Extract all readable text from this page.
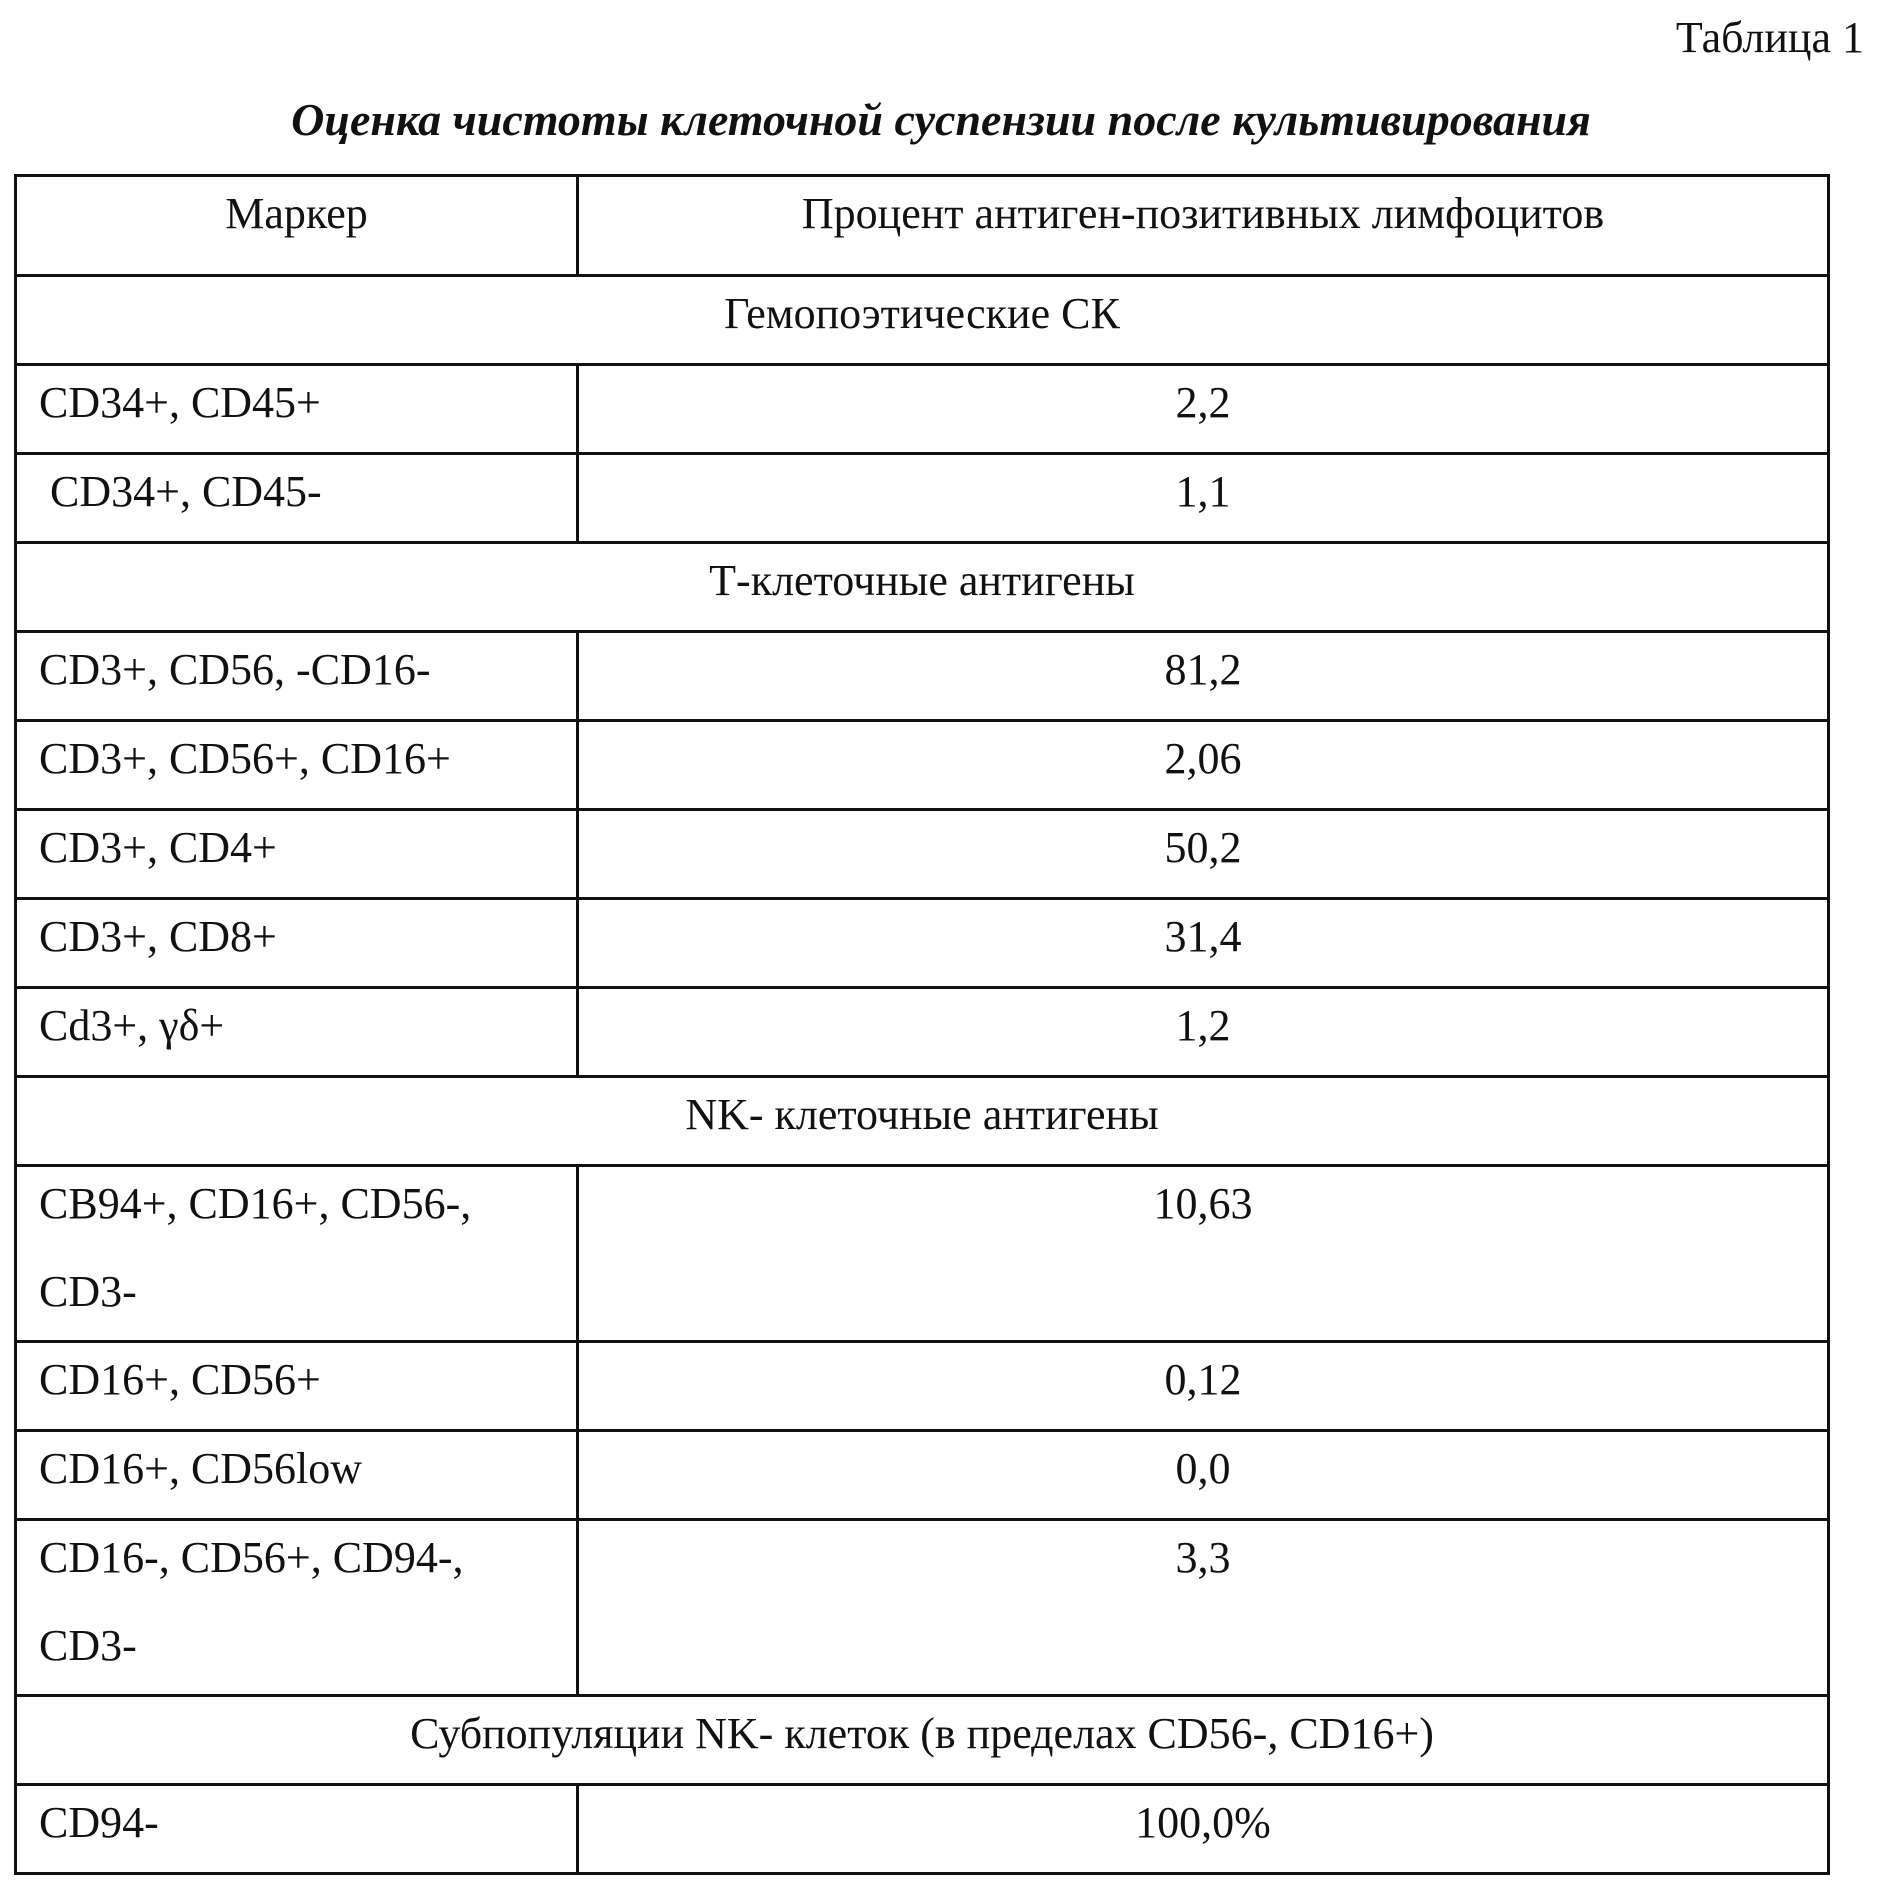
Таблица 1
Оценка чистоты клеточной суспензии после культивирования
Маркер	Процент антиген-позитивных лимфоцитов
Гемопоэтические СК	
CD34+, CD45+	2,2
CD34+, CD45-	1,1
Т-клеточные антигены	
CD3+, CD56, -CD16-	81,2
CD3+, CD56+, CD16+	2,06
CD3+, CD4+	50,2
CD3+, CD8+	31,4
Cd3+, γδ+	1,2
NK- клеточные антигены	
CB94+, CD16+, CD56-,
CD3-	10,63
CD16+, CD56+	0,12
CD16+, CD56low	0,0
CD16-, CD56+, CD94-,
CD3-	3,3
Субпопуляции NK- клеток (в пределах CD56-, CD16+)	
CD94-	100,0%
